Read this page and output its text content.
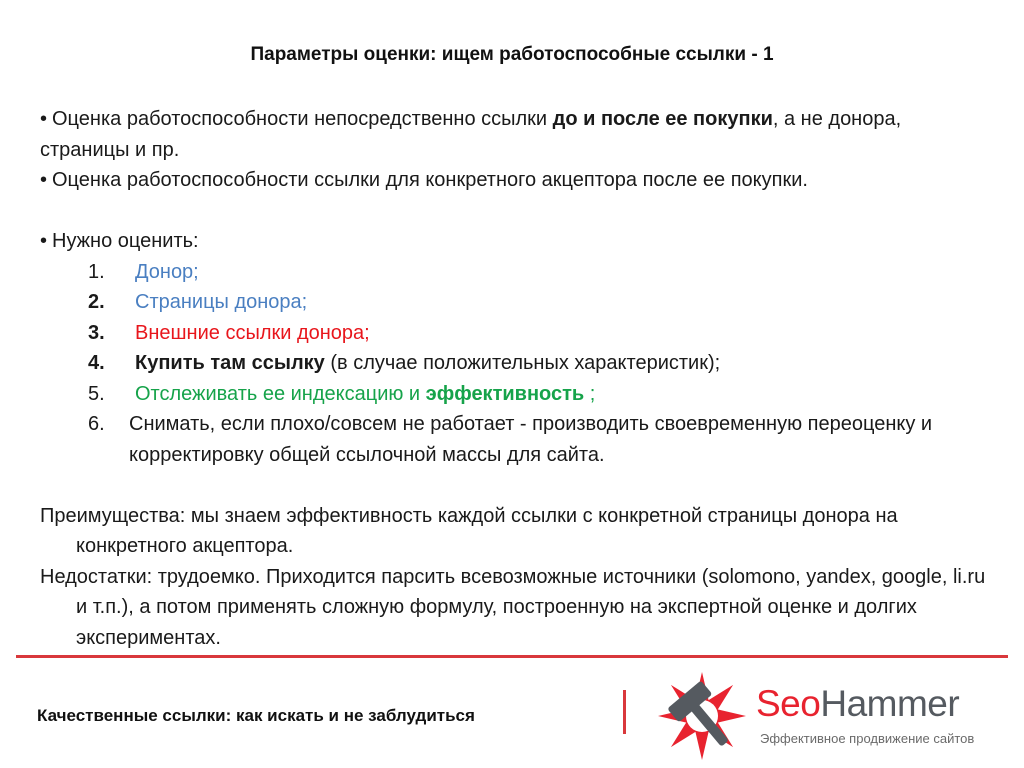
Параметры оценки: ищем работоспособные ссылки - 1
• Оценка работоспособности непосредственно ссылки до и после ее покупки, а не донора, страницы и пр.
• Оценка работоспособности ссылки для конкретного акцептора после ее покупки.
• Нужно оценить:
1. Донор;
2. Страницы донора;
3. Внешние ссылки донора;
4. Купить там ссылку (в случае положительных характеристик);
5. Отслеживать ее индексацию и эффективность ;
6. Снимать, если плохо/совсем не работает - производить своевременную переоценку и корректировку общей ссылочной массы для сайта.
Преимущества: мы знаем эффективность каждой ссылки с конкретной страницы донора на конкретного акцептора.
Недостатки: трудоемко. Приходится парсить всевозможные источники (solomono, yandex, google, li.ru и т.п.), а потом применять сложную формулу, построенную на экспертной оценке и долгих экспериментах.
Качественные ссылки: как искать и не заблудиться	SeoHammer
Эффективное продвижение сайтов
